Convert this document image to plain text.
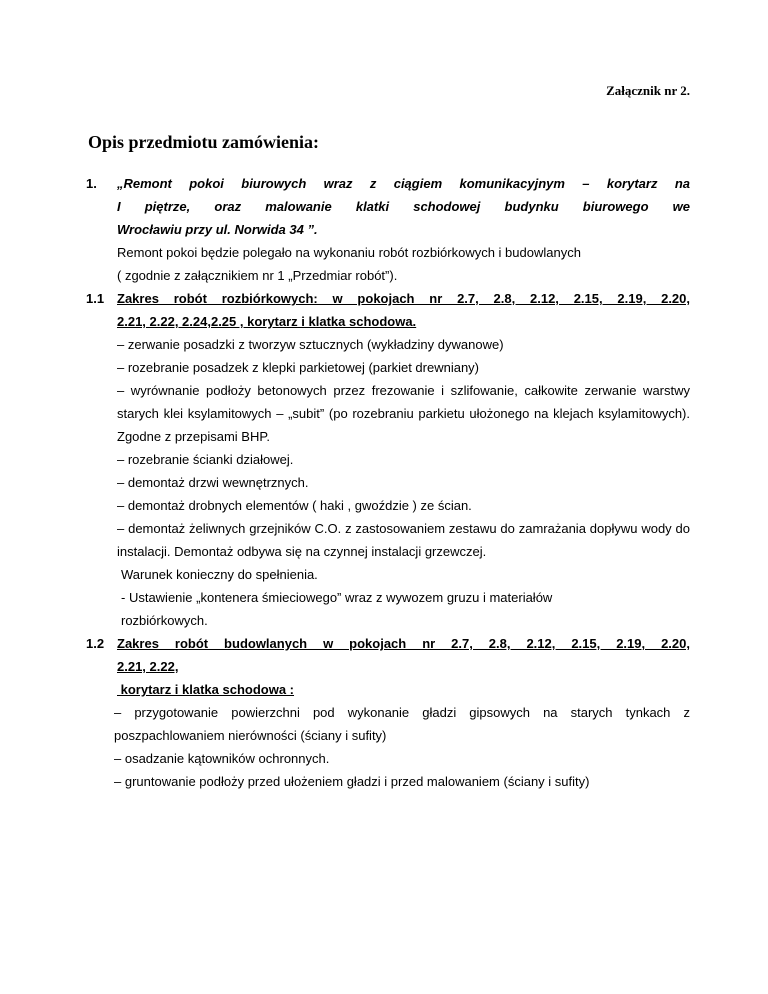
Załącznik nr 2.
Opis przedmiotu zamówienia:
1. „Remont pokoi biurowych wraz z ciągiem komunikacyjnym – korytarz na
I piętrze, oraz malowanie klatki schodowej budynku biurowego we
Wrocławiu przy ul. Norwida 34 ”.
Remont pokoi będzie polegało na wykonaniu robót rozbiórkowych i budowlanych
( zgodnie z załącznikiem nr 1 „Przedmiar robót”).
1.1 Zakres robót rozbiórkowych: w pokojach nr 2.7, 2.8, 2.12, 2.15, 2.19, 2.20,
2.21, 2.22, 2.24,2.25 , korytarz i klatka schodowa.
– zerwanie posadzki z tworzyw sztucznych (wykładziny dywanowe)
– rozebranie posadzek z klepki parkietowej (parkiet drewniany)
– wyrównanie podłoży betonowych przez frezowanie i szlifowanie, całkowite zerwanie warstwy starych klei ksylamitowych – „subit” (po rozebraniu parkietu ułożonego na klejach ksylamitowych). Zgodne z przepisami BHP.
– rozebranie ścianki działowej.
– demontaż drzwi wewnętrznych.
– demontaż drobnych elementów ( haki , gwoździe ) ze ścian.
– demontaż żeliwnych grzejników C.O. z zastosowaniem zestawu do zamrażania dopływu wody do instalacji. Demontaż odbywa się na czynnej instalacji grzewczej.
Warunek konieczny do spełnienia.
- Ustawienie „kontenera śmieciowego” wraz z wywozem gruzu i materiałów rozbiórkowych.
1.2 Zakres robót budowlanych w pokojach nr 2.7, 2.8, 2.12, 2.15, 2.19, 2.20,
2.21, 2.22,
korytarz i klatka schodowa :
– przygotowanie powierzchni pod wykonanie gładzi gipsowych na starych tynkach z poszpachlowaniem nierówności (ściany i sufity)
– osadzanie kątowników ochronnych.
– gruntowanie podłoży przed ułożeniem gładzi i przed malowaniem (ściany i sufity)
